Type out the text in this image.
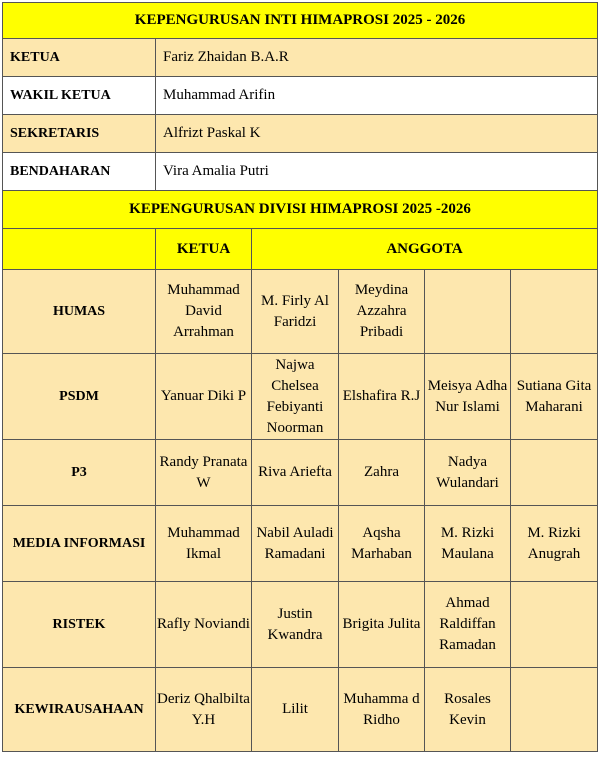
KEPENGURUSAN INTI HIMAPROSI 2025 - 2026					
KETUA	Fariz Zhaidan B.A.R				
WAKIL KETUA	Muhammad Arifin				
SEKRETARIS	Alfrizt Paskal K				
BENDAHARAN	Vira Amalia Putri				
KEPENGURUSAN DIVISI HIMAPROSI 2025 -2026					
	KETUA	ANGGOTA			
HUMAS	Muhammad David Arrahman	M. Firly Al Faridzi	Meydina Azzahra Pribadi		
PSDM	Yanuar Diki P	Najwa Chelsea Febiyanti Noorman	Elshafira R.J	Meisya Adha Nur Islami	Sutiana Gita Maharani
P3	Randy Pranata W	Riva Ariefta	Zahra	Nadya Wulandari	
MEDIA INFORMASI	Muhammad Ikmal	Nabil Auladi Ramadani	Aqsha Marhaban	M. Rizki Maulana	M. Rizki Anugrah
RISTEK	Rafly Noviandi	Justin Kwandra	Brigita Julita	Ahmad Raldiffan Ramadan	
KEWIRAUSAHAAN	Deriz Qhalbilta Y.H	Lilit	Muhamma d Ridho	Rosales Kevin	
